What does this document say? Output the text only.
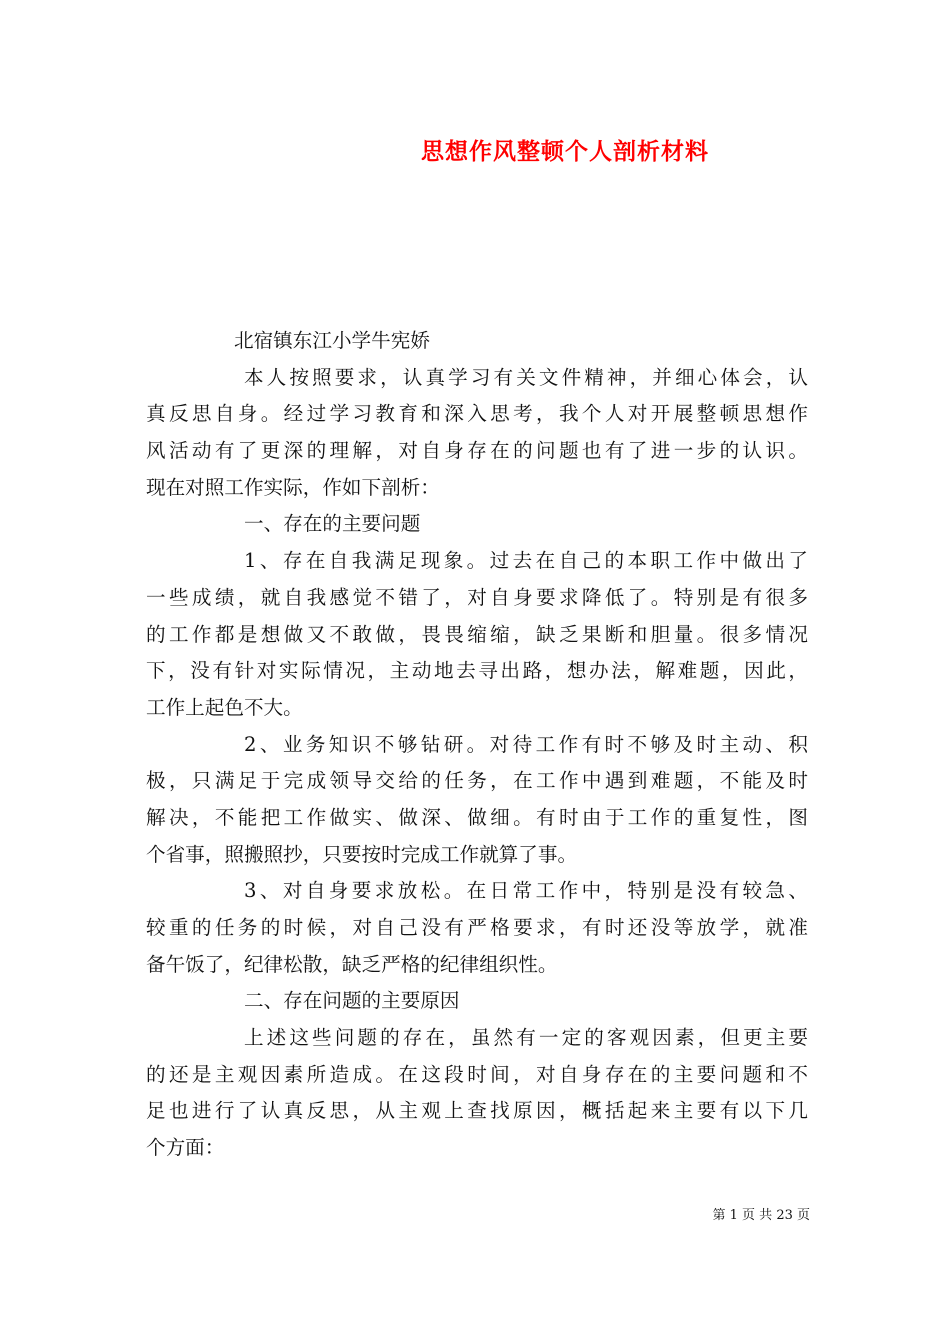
思想作风整顿个人剖析材料
北宿镇东江小学牛宪娇
本人按照要求，认真学习有关文件精神，并细心体会，认
真反思自身。经过学习教育和深入思考，我个人对开展整顿思想作
风活动有了更深的理解，对自身存在的问题也有了进一步的认识。
现在对照工作实际，作如下剖析：
一、存在的主要问题
1、存在自我满足现象。过去在自己的本职工作中做出了
一些成绩，就自我感觉不错了，对自身要求降低了。特别是有很多
的工作都是想做又不敢做，畏畏缩缩，缺乏果断和胆量。很多情况
下，没有针对实际情况，主动地去寻出路，想办法，解难题，因此，
工作上起色不大。
2、业务知识不够钻研。对待工作有时不够及时主动、积
极，只满足于完成领导交给的任务，在工作中遇到难题，不能及时
解决，不能把工作做实、做深、做细。有时由于工作的重复性，图
个省事，照搬照抄，只要按时完成工作就算了事。
3、对自身要求放松。在日常工作中，特别是没有较急、
较重的任务的时候，对自己没有严格要求，有时还没等放学，就准
备午饭了，纪律松散，缺乏严格的纪律组织性。
二、存在问题的主要原因
上述这些问题的存在，虽然有一定的客观因素，但更主要
的还是主观因素所造成。在这段时间，对自身存在的主要问题和不
足也进行了认真反思，从主观上查找原因，概括起来主要有以下几
个方面：
第 1 页 共 23 页
